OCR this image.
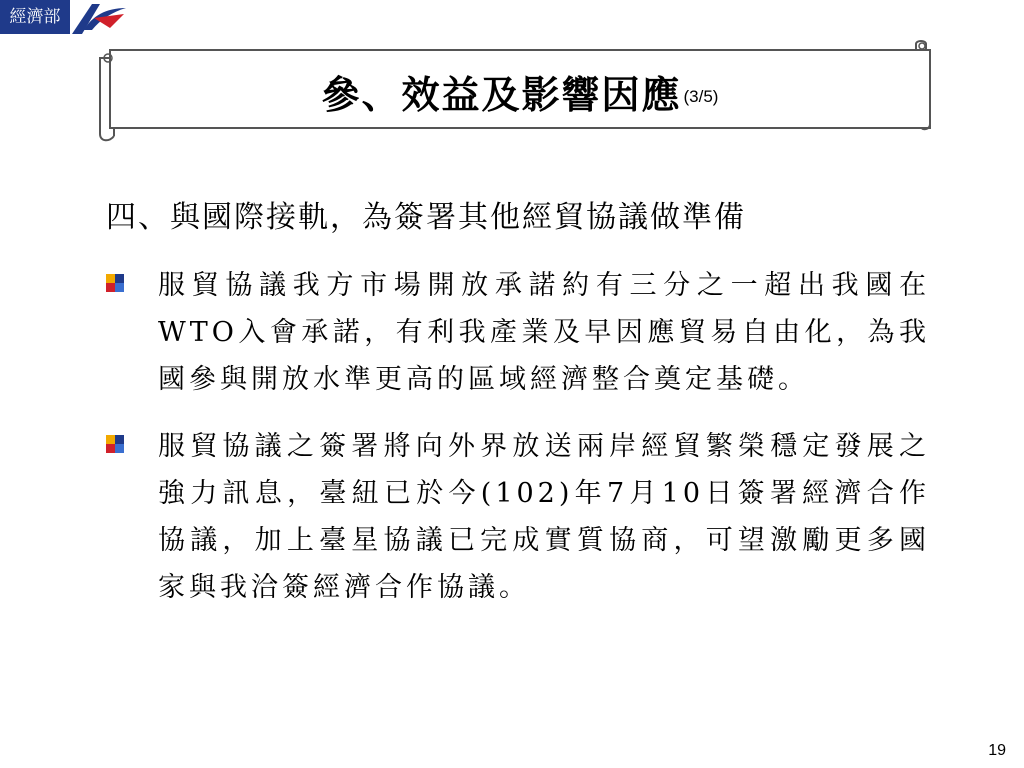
經濟部
參、效益及影響因應 (3/5)
四、與國際接軌，為簽署其他經貿協議做準備
服貿協議我方市場開放承諾約有三分之一超出我國在WTO入會承諾，有利我產業及早因應貿易自由化，為我國參與開放水準更高的區域經濟整合奠定基礎。
服貿協議之簽署將向外界放送兩岸經貿繁榮穩定發展之強力訊息，臺紐已於今(102)年7月10日簽署經濟合作協議，加上臺星協議已完成實質協商，可望激勵更多國家與我洽簽經濟合作協議。
19
